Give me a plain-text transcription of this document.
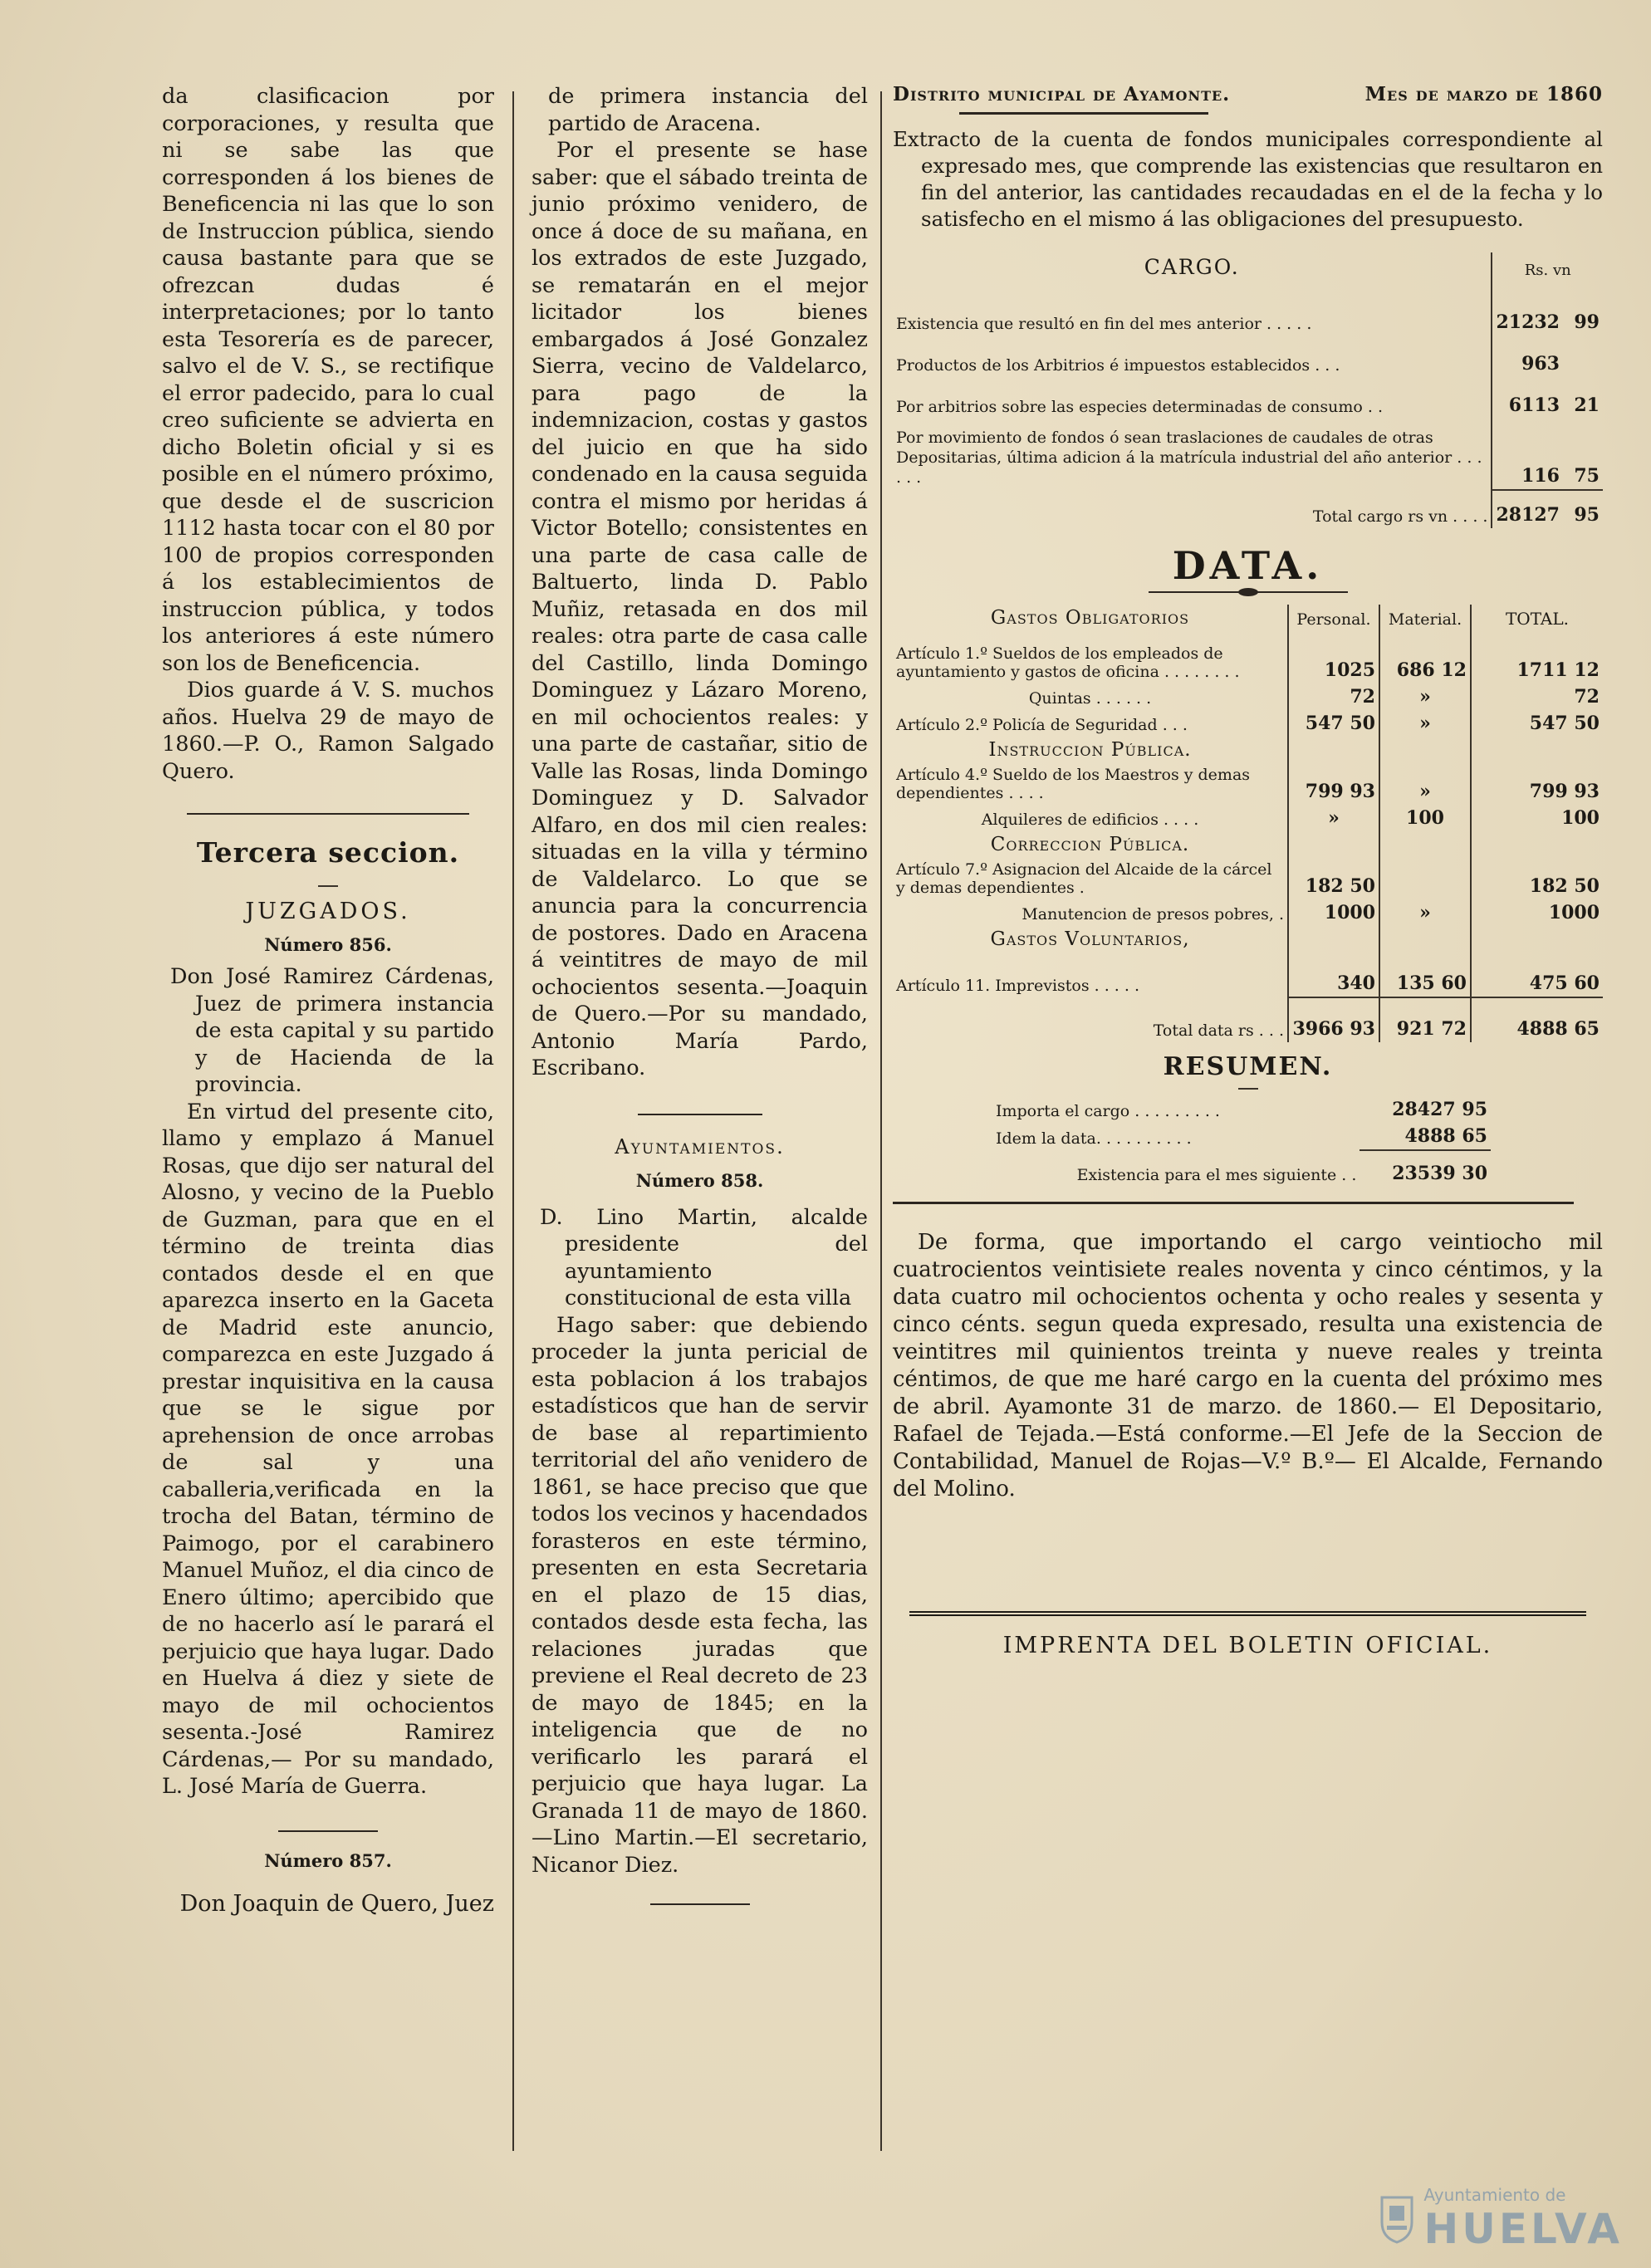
da clasificacion por corporaciones, y resulta que ni se sabe las que corresponden á los bienes de Beneficencia ni las que lo son de Instruccion pública, siendo causa bastante para que se ofrezcan dudas é interpretaciones; por lo tanto esta Tesorería es de parecer, salvo el de V. S., se rectifique el error padecido, para lo cual creo suficiente se advierta en dicho Boletin oficial y si es posible en el número próximo, que desde el de suscricion 1112 hasta tocar con el 80 por 100 de propios corresponden á los establecimientos de instruccion pública, y todos los anteriores á este número son los de Beneficencia.

Dios guarde á V. S. muchos años. Huelva 29 de mayo de 1860.—P. O., Ramon Salgado Quero.

Tercera seccion.

JUZGADOS.

Número 856.

Don José Ramirez Cárdenas, Juez de primera instancia de esta capital y su partido y de Hacienda de la provincia.

En virtud del presente cito, llamo y emplazo á Manuel Rosas, que dijo ser natural del Alosno, y vecino de la Pueblo de Guzman, para que en el término de treinta dias contados desde el en que aparezca inserto en la Gaceta de Madrid este anuncio, comparezca en este Juzgado á prestar inquisitiva en la causa que se le sigue por aprehension de once arrobas de sal y una caballeria,verificada en la trocha del Batan, término de Paimogo, por el carabinero Manuel Muñoz, el dia cinco de Enero último; apercibido que de no hacerlo así le parará el perjuicio que haya lugar. Dado en Huelva á diez y siete de mayo de mil ochocientos sesenta.-José Ramirez Cárdenas,— Por su mandado, L. José María de Guerra.

Número 857.

Don Joaquin de Quero, Juez

de primera instancia del partido de Aracena.

Por el presente se hase saber: que el sábado treinta de junio próximo venidero, de once á doce de su mañana, en los extrados de este Juzgado, se rematarán en el mejor licitador los bienes embargados á José Gonzalez Sierra, vecino de Valdelarco, para pago de la indemnizacion, costas y gastos del juicio en que ha sido condenado en la causa seguida contra el mismo por heridas á Victor Botello; consistentes en una parte de casa calle de Baltuerto, linda D. Pablo Muñiz, retasada en dos mil reales: otra parte de casa calle del Castillo, linda Domingo Dominguez y Lázaro Moreno, en mil ochocientos reales: y una parte de castañar, sitio de Valle las Rosas, linda Domingo Dominguez y D. Salvador Alfaro, en dos mil cien reales: situadas en la villa y término de Valdelarco. Lo que se anuncia para la concurrencia de postores. Dado en Aracena á veintitres de mayo de mil ochocientos sesenta.—Joaquin de Quero.—Por su mandado, Antonio María Pardo, Escribano.

Ayuntamientos.

Número 858.

D. Lino Martin, alcalde presidente del ayuntamiento constitucional de esta villa

Hago saber: que debiendo proceder la junta pericial de esta poblacion á los trabajos estadísticos que han de servir de base al repartimiento territorial del año venidero de 1861, se hace preciso que que todos los vecinos y hacendados forasteros en este término, presenten en esta Secretaria en el plazo de 15 dias, contados desde esta fecha, las relaciones juradas que previene el Real decreto de 23 de mayo de 1845; en la inteligencia que de no verificarlo les parará el perjuicio que haya lugar. La Granada 11 de mayo de 1860.—Lino Martin.—El secretario, Nicanor Diez.

Distrito municipal de Ayamonte.	Mes de marzo de 1860

Extracto de la cuenta de fondos municipales correspondiente al expresado mes, que comprende las existencias que resultaron en fin del anterior, las cantidades recaudadas en el de la fecha y lo satisfecho en el mismo á las obligaciones del presupuesto.

CARGO.	Rs. vn	
Existencia que resultó en fin del mes anterior . . . . .	21232	99
Productos de los Arbitrios é impuestos establecidos . . .	963	
Por arbitrios sobre las especies determinadas de consumo . .	6113	21
Por movimiento de fondos ó sean traslaciones de caudales de otras Depositarias, última adicion á la matrícula industrial del año anterior . . . . . .	116	75
Total cargo rs vn . . . .	28127	95

DATA.

Gastos Obligatorios	Personal.	Material.	TOTAL.
Artículo 1.º Sueldos de los empleados de ayuntamiento y gastos de oficina . . . . . . . .	1025	686 12	1711 12
Quintas . . . . . .	72	»	72
Artículo 2.º Policía de Seguridad . . .	547 50	»	547 50
Instruccion Pública.			
Artículo 4.º Sueldo de los Maestros y demas dependientes . . . .	799 93	»	799 93
Alquileres de edificios . . . .	»	100	100
Correccion Pública.			
Artículo 7.º Asignacion del Alcaide de la cárcel y demas dependientes .	182 50		182 50
Manutencion de presos pobres, .	1000	»	1000
Gastos Voluntarios,			
Artículo 11. Imprevistos . . . . .	340	135 60	475 60
Total data rs . . .	3966 93	921 72	4888 65

RESUMEN.

Importa el cargo . . . . . . . . .	28427 95
Idem la data. . . . . . . . . .	4888 65
Existencia para el mes siguiente . .	23539 30

De forma, que importando el cargo veintiocho mil cuatrocientos veintisiete reales noventa y cinco céntimos, y la data cuatro mil ochocientos ochenta y ocho reales y sesenta y cinco cénts. segun queda expresado, resulta una existencia de veintitres mil quinientos treinta y nueve reales y treinta céntimos, de que me haré cargo en la cuenta del próximo mes de abril. Ayamonte 31 de marzo. de 1860.— El Depositario, Rafael de Tejada.—Está conforme.—El Jefe de la Seccion de Contabilidad, Manuel de Rojas—V.º B.º— El Alcalde, Fernando del Molino.

IMPRENTA DEL BOLETIN OFICIAL.

Ayuntamiento de
HUELVA
